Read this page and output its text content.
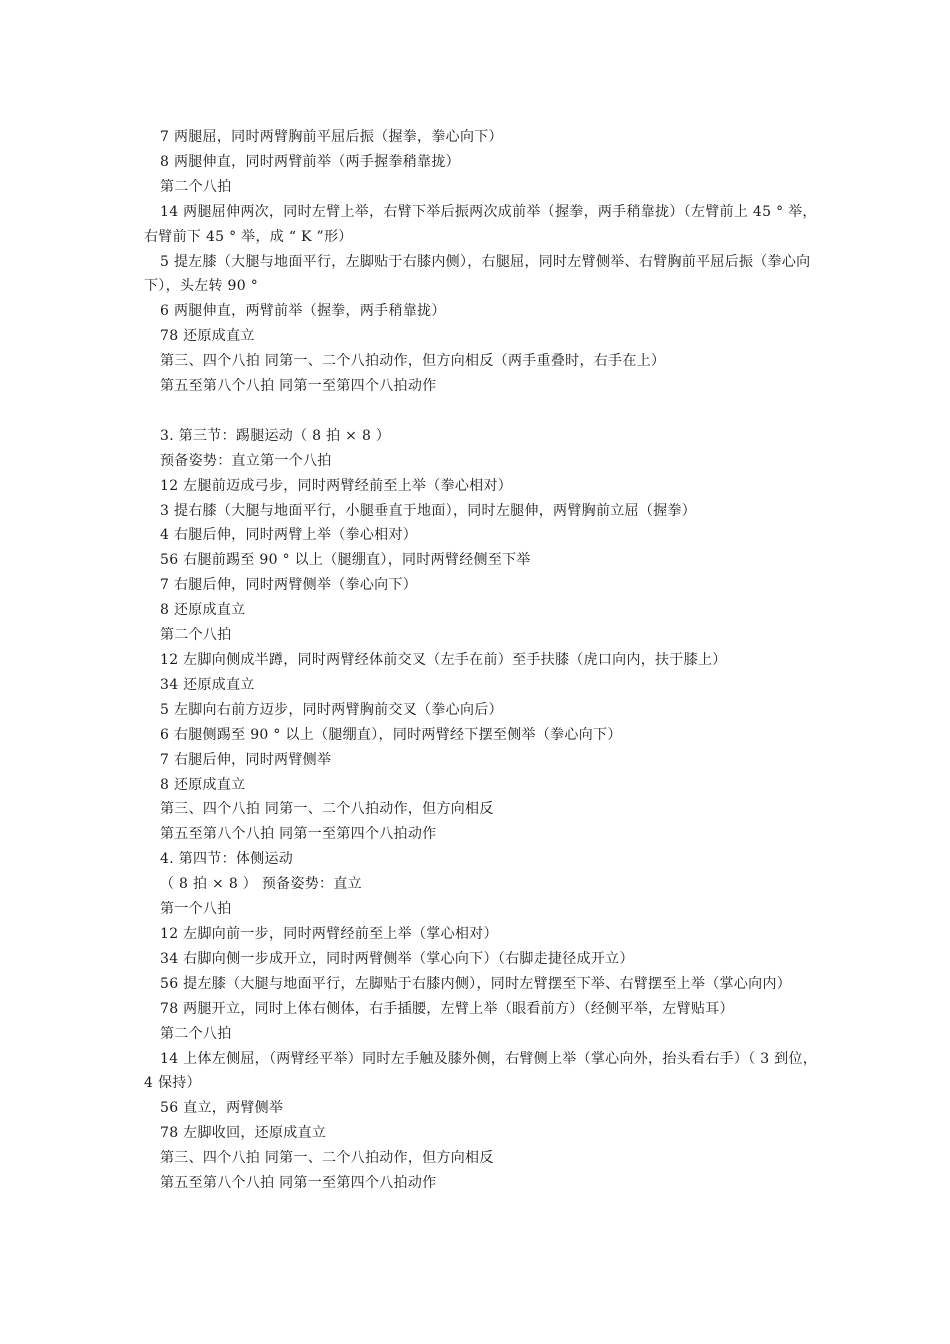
7 两腿屈，同时两臂胸前平屈后振（握拳，拳心向下）

8 两腿伸直，同时两臂前举（两手握拳稍靠拢）

第二个八拍

14 两腿屈伸两次，同时左臂上举，右臂下举后振两次成前举（握拳，两手稍靠拢）（左臂前上 45 ° 举，右臂前下 45 ° 举，成 “ K ”形）

5 提左膝（大腿与地面平行，左脚贴于右膝内侧），右腿屈，同时左臂侧举、右臂胸前平屈后振（拳心向下），头左转 90 °

6 两腿伸直，两臂前举（握拳，两手稍靠拢）

78 还原成直立

第三、四个八拍 同第一、二个八拍动作，但方向相反（两手重叠时，右手在上）

第五至第八个八拍 同第一至第四个八拍动作

3. 第三节：踢腿运动（ 8 拍 × 8 ）

预备姿势：直立第一个八拍

12 左腿前迈成弓步，同时两臂经前至上举（拳心相对）

3 提右膝（大腿与地面平行，小腿垂直于地面），同时左腿伸，两臂胸前立屈（握拳）

4 右腿后伸，同时两臂上举（拳心相对）

56 右腿前踢至 90 ° 以上（腿绷直），同时两臂经侧至下举

7 右腿后伸，同时两臂侧举（拳心向下）

8 还原成直立

第二个八拍

12 左脚向侧成半蹲，同时两臂经体前交叉（左手在前）至手扶膝（虎口向内，扶于膝上）

34 还原成直立

5 左脚向右前方迈步，同时两臂胸前交叉（拳心向后）

6 右腿侧踢至 90 ° 以上（腿绷直），同时两臂经下摆至侧举（拳心向下）

7 右腿后伸，同时两臂侧举

8 还原成直立

第三、四个八拍 同第一、二个八拍动作，但方向相反

第五至第八个八拍 同第一至第四个八拍动作

4. 第四节：体侧运动

（ 8 拍 × 8 ） 预备姿势：直立

第一个八拍

12 左脚向前一步，同时两臂经前至上举（掌心相对）

34 右脚向侧一步成开立，同时两臂侧举（掌心向下）（右脚走捷径成开立）

56 提左膝（大腿与地面平行，左脚贴于右膝内侧），同时左臂摆至下举、右臂摆至上举（掌心向内）

78 两腿开立，同时上体右侧体，右手插腰，左臂上举（眼看前方）（经侧平举，左臂贴耳）

第二个八拍

14 上体左侧屈，（两臂经平举）同时左手触及膝外侧，右臂侧上举（掌心向外，抬头看右手）（ 3 到位， 4 保持）

56 直立，两臂侧举

78 左脚收回，还原成直立

第三、四个八拍 同第一、二个八拍动作，但方向相反

第五至第八个八拍 同第一至第四个八拍动作
